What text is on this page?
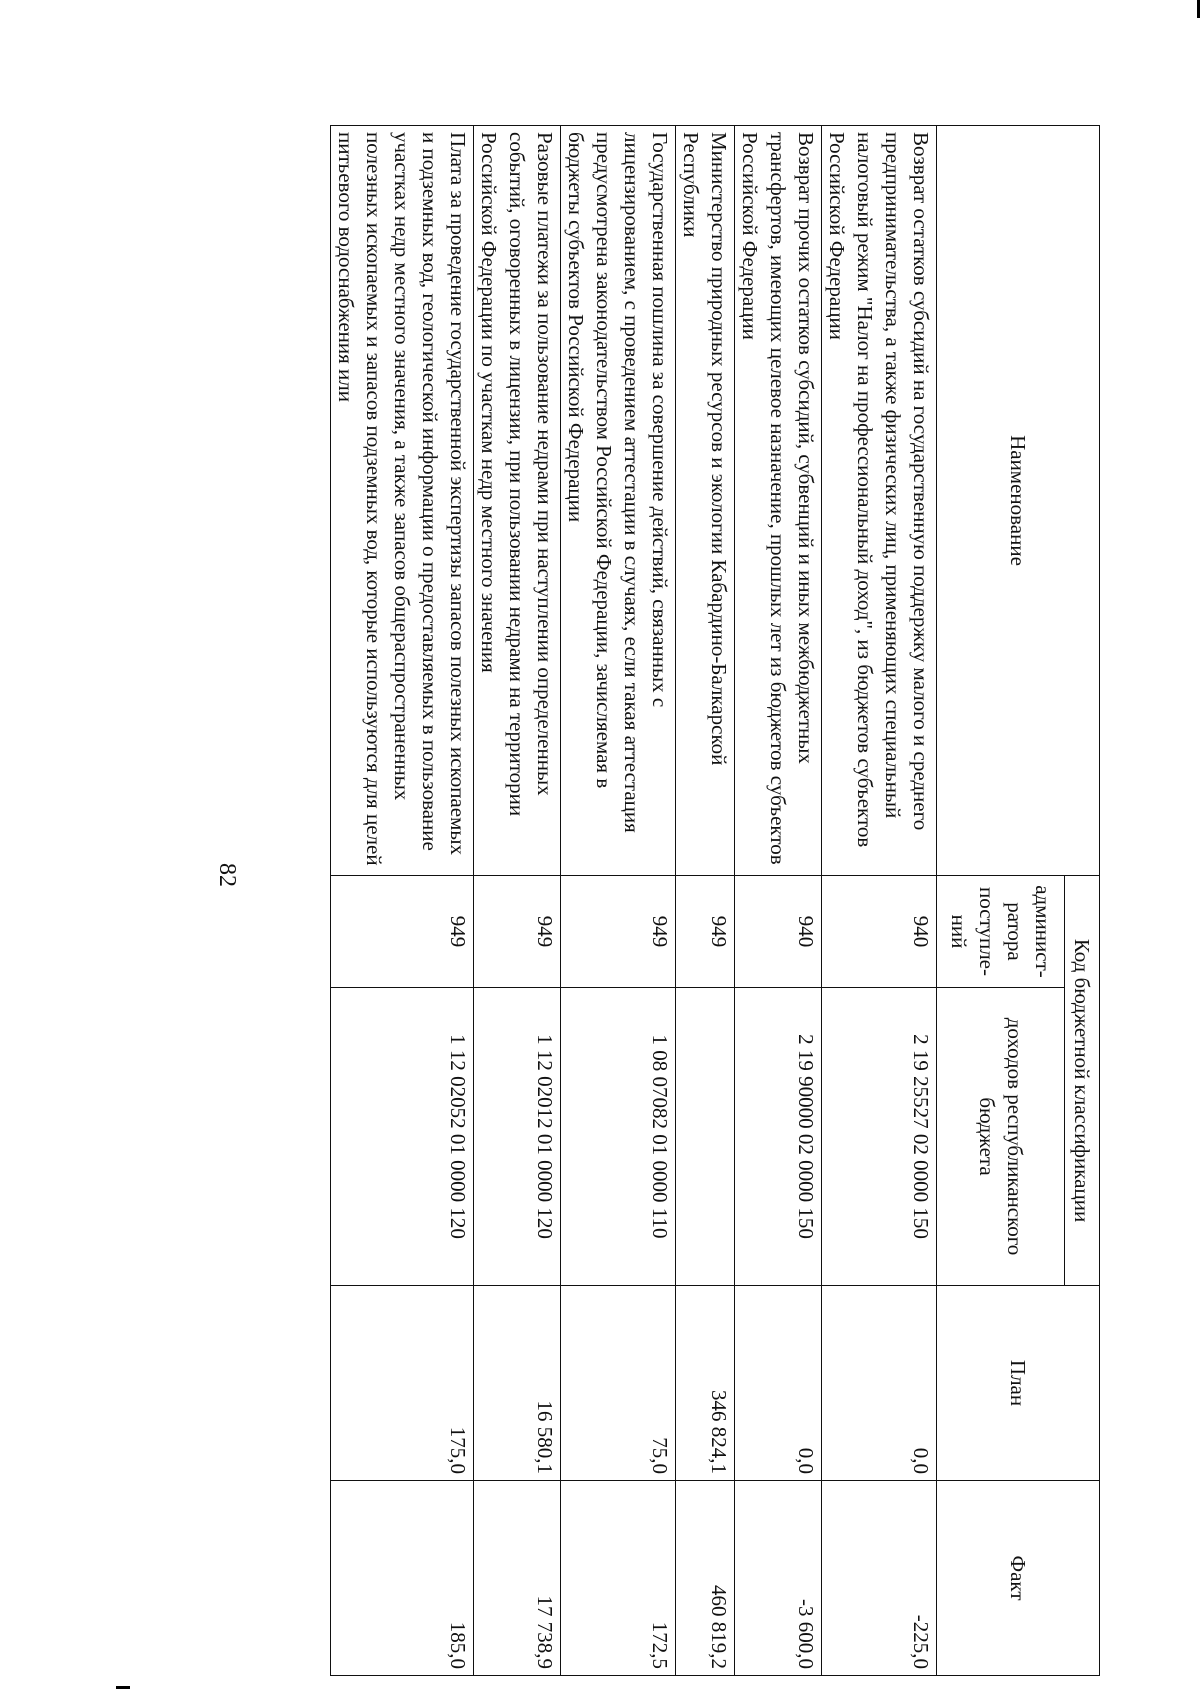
82
Наименование	Код бюджетной классификации		План	Факт
	админист-ратора поступле-ний	доходов республиканского бюджета		
Возврат остатков субсидий на государственную поддержку малого и среднего предпринимательства, а также физических лиц, применяющих специальный налоговый режим "Налог на профессиональный доход", из бюджетов субъектов Российской Федерации	940	2 19 25527 02 0000 150	0,0	-225,0
Возврат прочих остатков субсидий, субвенций и иных межбюджетных трансфертов, имеющих целевое назначение, прошлых лет из бюджетов субъектов Российской Федерации	940	2 19 90000 02 0000 150	0,0	-3 600,0
Министерство природных ресурсов и экологии Кабардино-Балкарской Республики	949		346 824,1	460 819,2
Государственная пошлина за совершение действий, связанных с лицензированием, с проведением аттестации в случаях, если такая аттестация предусмотрена законодательством Российской Федерации, зачисляемая в бюджеты субъектов Российской Федерации	949	1 08 07082 01 0000 110	75,0	172,5
Разовые платежи за пользование недрами при наступлении определенных событий, оговоренных в лицензии, при пользовании недрами на территории Российской Федерации по участкам недр местного значения	949	1 12 02012 01 0000 120	16 580,1	17 738,9
Плата за проведение государственной экспертизы запасов полезных ископаемых и подземных вод, геологической информации о предоставляемых в пользование участках недр местного значения, а также запасов общераспространенных полезных ископаемых и запасов подземных вод, которые используются для целей питьевого водоснабжения или	949	1 12 02052 01 0000 120	175,0	185,0
